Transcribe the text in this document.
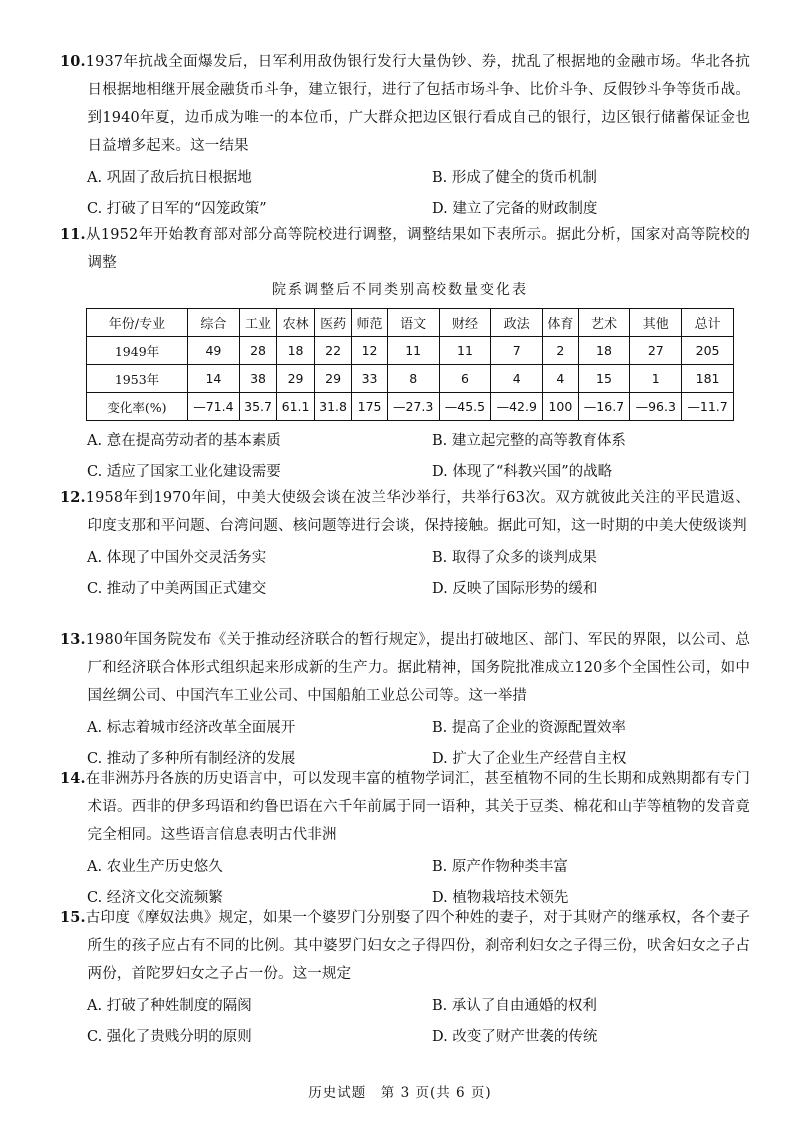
10.1937年抗战全面爆发后，日军利用敌伪银行发行大量伪钞、券，扰乱了根据地的金融市场。华北各抗日根据地相继开展金融货币斗争，建立银行，进行了包括市场斗争、比价斗争、反假钞斗争等货币战。到1940年夏，边币成为唯一的本位币，广大群众把边区银行看成自己的银行，边区银行储蓄保证金也日益增多起来。这一结果
A. 巩固了敌后抗日根据地	B. 形成了健全的货币机制
C. 打破了日军的“囚笼政策”	D. 建立了完备的财政制度
11.从1952年开始教育部对部分高等院校进行调整，调整结果如下表所示。据此分析，国家对高等院校的调整
院系调整后不同类别高校数量变化表
年份/专业	综合	工业	农林	医药	师范	语文	财经	政法	体育	艺术	其他	总计
1949年	49	28	18	22	12	11	11	7	2	18	27	205
1953年	14	38	29	29	33	8	6	4	4	15	1	181
变化率(%)	—71.4	35.7	61.1	31.8	175	—27.3	—45.5	—42.9	100	—16.7	—96.3	—11.7
A. 意在提高劳动者的基本素质	B. 建立起完整的高等教育体系
C. 适应了国家工业化建设需要	D. 体现了“科教兴国”的战略
12.1958年到1970年间，中美大使级会谈在波兰华沙举行，共举行63次。双方就彼此关注的平民遣返、印度支那和平问题、台湾问题、核问题等进行会谈，保持接触。据此可知，这一时期的中美大使级谈判
A. 体现了中国外交灵活务实	B. 取得了众多的谈判成果
C. 推动了中美两国正式建交	D. 反映了国际形势的缓和
13.1980年国务院发布《关于推动经济联合的暂行规定》，提出打破地区、部门、军民的界限，以公司、总厂和经济联合体形式组织起来形成新的生产力。据此精神，国务院批准成立120多个全国性公司，如中国丝绸公司、中国汽车工业公司、中国船舶工业总公司等。这一举措
A. 标志着城市经济改革全面展开	B. 提高了企业的资源配置效率
C. 推动了多种所有制经济的发展	D. 扩大了企业生产经营自主权
14.在非洲苏丹各族的历史语言中，可以发现丰富的植物学词汇，甚至植物不同的生长期和成熟期都有专门术语。西非的伊多玛语和约鲁巴语在六千年前属于同一语种，其关于豆类、棉花和山芋等植物的发音竟完全相同。这些语言信息表明古代非洲
A. 农业生产历史悠久	B. 原产作物种类丰富
C. 经济文化交流频繁	D. 植物栽培技术领先
15.古印度《摩奴法典》规定，如果一个婆罗门分别娶了四个种姓的妻子，对于其财产的继承权，各个妻子所生的孩子应占有不同的比例。其中婆罗门妇女之子得四份，刹帝利妇女之子得三份，吠舍妇女之子占两份，首陀罗妇女之子占一份。这一规定
A. 打破了种姓制度的隔阂	B. 承认了自由通婚的权利
C. 强化了贵贱分明的原则	D. 改变了财产世袭的传统
历史试题　第 3 页(共 6 页)
